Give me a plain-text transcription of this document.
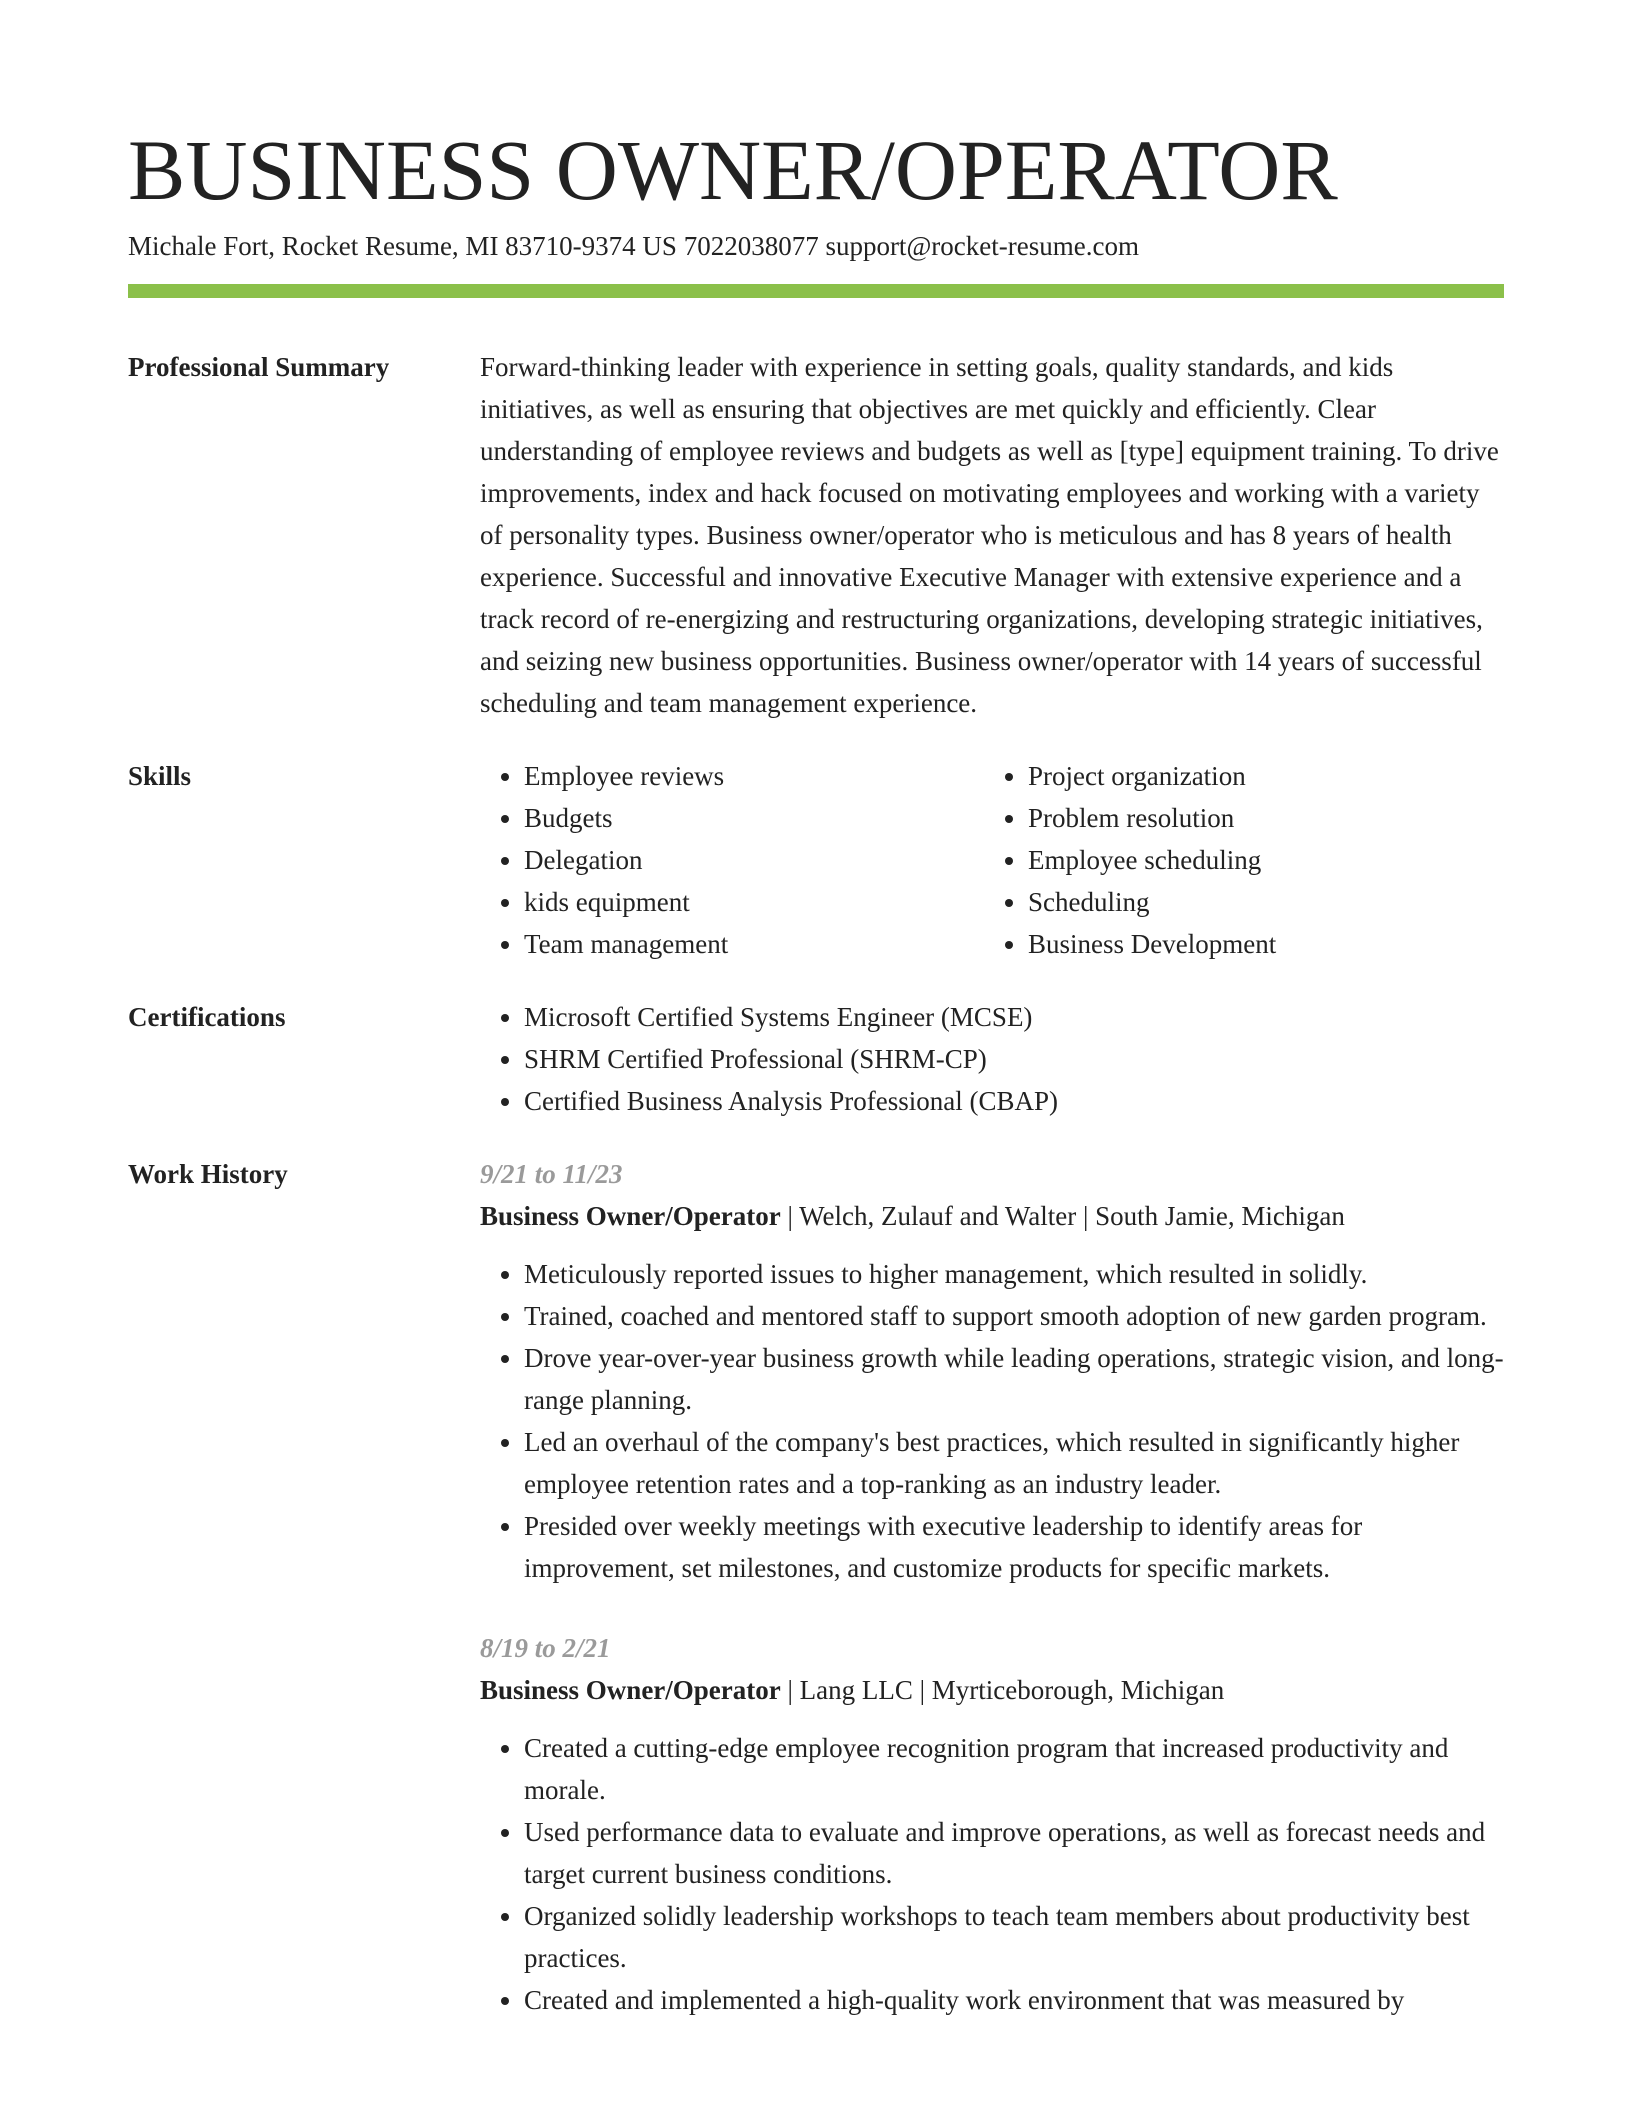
BUSINESS OWNER/OPERATOR
Michale Fort, Rocket Resume, MI 83710-9374 US 7022038077 support@rocket-resume.com
Professional Summary	Forward-thinking leader with experience in setting goals, quality standards, and kids initiatives, as well as ensuring that objectives are met quickly and efficiently. Clear understanding of employee reviews and budgets as well as [type] equipment training. To drive improvements, index and hack focused on motivating employees and working with a variety of personality types. Business owner/operator who is meticulous and has 8 years of health experience. Successful and innovative Executive Manager with extensive experience and a track record of re-energizing and restructuring organizations, developing strategic initiatives, and seizing new business opportunities. Business owner/operator with 14 years of successful scheduling and team management experience.

Skills	• Employee reviews
• Budgets
• Delegation
• kids equipment
• Team management
• Project organization
• Problem resolution
• Employee scheduling
• Scheduling
• Business Development
Certifications	• Microsoft Certified Systems Engineer (MCSE)
• SHRM Certified Professional (SHRM-CP)
• Certified Business Analysis Professional (CBAP)
Work History	9/21 to 11/23
Business Owner/Operator | Welch, Zulauf and Walter | South Jamie, Michigan
• Meticulously reported issues to higher management, which resulted in solidly.
• Trained, coached and mentored staff to support smooth adoption of new garden program.
• Drove year-over-year business growth while leading operations, strategic vision, and long-range planning.
• Led an overhaul of the company's best practices, which resulted in significantly higher employee retention rates and a top-ranking as an industry leader.
• Presided over weekly meetings with executive leadership to identify areas for improvement, set milestones, and customize products for specific markets.
8/19 to 2/21
Business Owner/Operator | Lang LLC | Myrticeborough, Michigan
• Created a cutting-edge employee recognition program that increased productivity and morale.
• Used performance data to evaluate and improve operations, as well as forecast needs and target current business conditions.
• Organized solidly leadership workshops to teach team members about productivity best practices.
• Created and implemented a high-quality work environment that was measured by
